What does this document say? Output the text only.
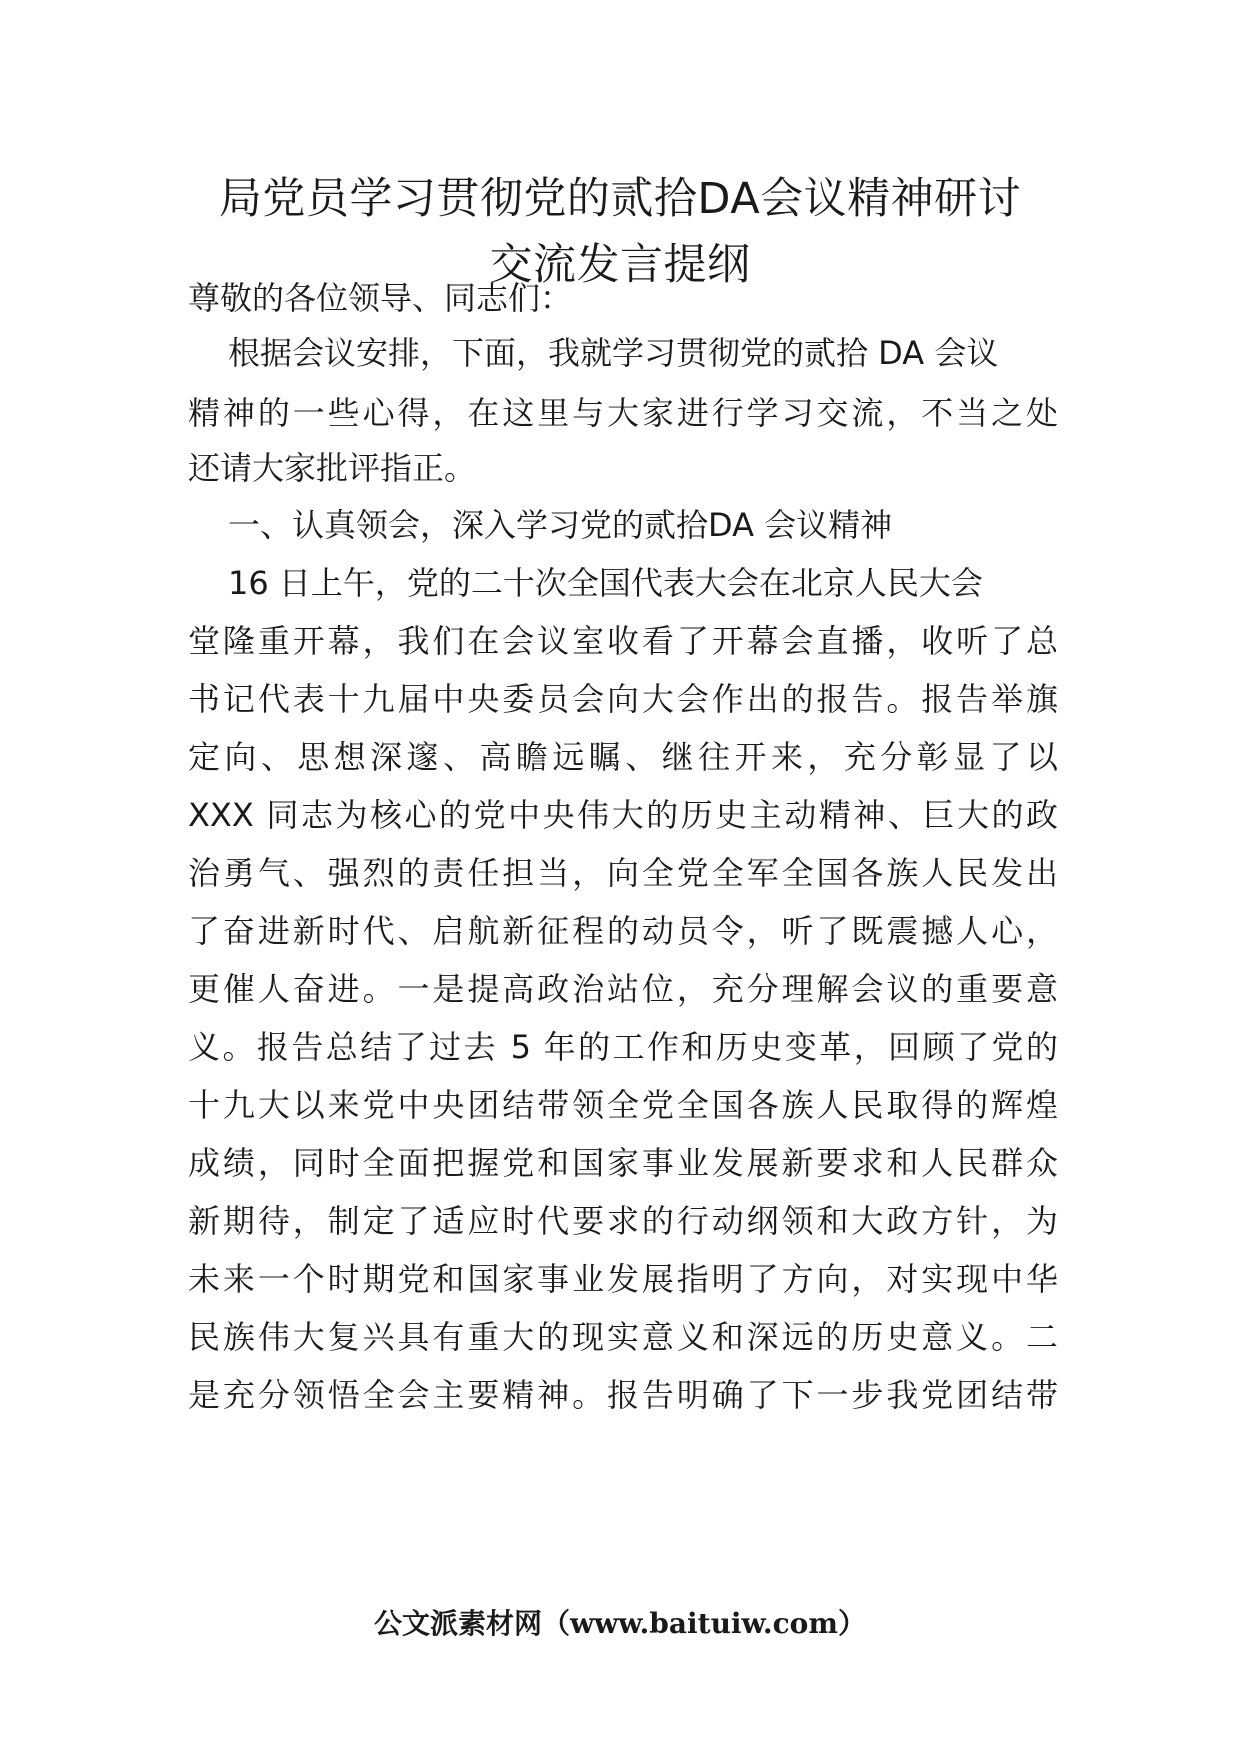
局党员学习贯彻党的贰拾DA会议精神研讨
交流发言提纲

尊敬的各位领导、同志们：

根据会议安排，下面，我就学习贯彻党的贰拾 DA 会议

精神的一些心得，在这里与大家进行学习交流，不当之处

还请大家批评指正。

一、认真领会，深入学习党的贰拾DA 会议精神

16 日上午，党的二十次全国代表大会在北京人民大会

堂隆重开幕，我们在会议室收看了开幕会直播，收听了总

书记代表十九届中央委员会向大会作出的报告。报告举旗

定向、思想深邃、高瞻远瞩、继往开来，充分彰显了以

XXX 同志为核心的党中央伟大的历史主动精神、巨大的政

治勇气、强烈的责任担当，向全党全军全国各族人民发出

了奋进新时代、启航新征程的动员令，听了既震撼人心，

更催人奋进。一是提高政治站位，充分理解会议的重要意

义。报告总结了过去 5 年的工作和历史变革，回顾了党的

十九大以来党中央团结带领全党全国各族人民取得的辉煌

成绩，同时全面把握党和国家事业发展新要求和人民群众

新期待，制定了适应时代要求的行动纲领和大政方针，为

未来一个时期党和国家事业发展指明了方向，对实现中华

民族伟大复兴具有重大的现实意义和深远的历史意义。二

是充分领悟全会主要精神。报告明确了下一步我党团结带

公文派素材网（www.baituiw.com）
